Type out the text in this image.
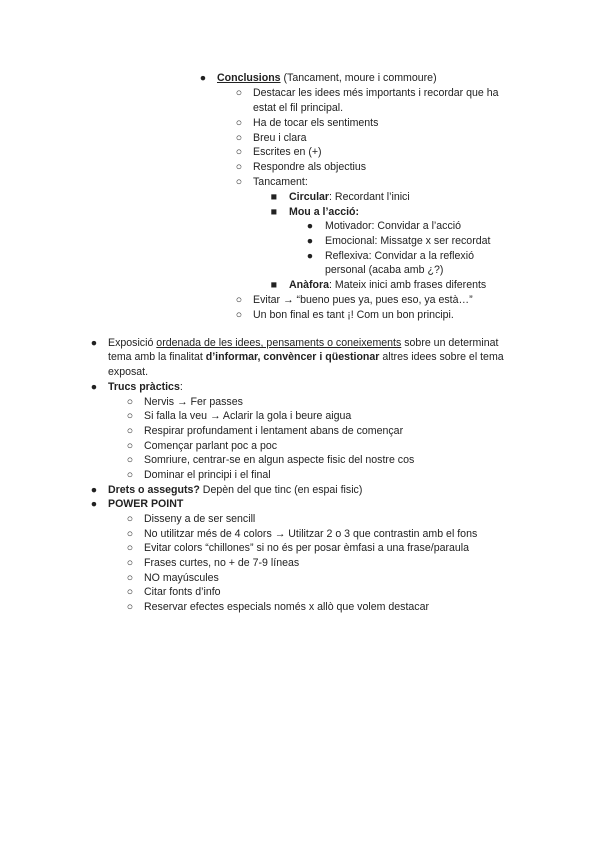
● Conclusions (Tancament, moure i commoure)
○ Destacar les idees més importants i recordar que ha
estat el fil principal.
○ Ha de tocar els sentiments
○ Breu i clara
○ Escrites en (+)
○ Respondre als objectius
○ Tancament:
■ Circular: Recordant l’inici
■ Mou a l’acció:
● Motivador: Convidar a l’acció
● Emocional: Missatge x ser recordat
● Reflexiva: Convidar a la reflexió
personal (acaba amb ¿?)
■ Anàfora: Mateix inici amb frases diferents
○ Evitar → “bueno pues ya, pues eso, ya està…”
○ Un bon final es tant ¡! Com un bon principi.
● Exposició ordenada de les idees, pensaments o coneixements sobre un determinat
tema amb la finalitat d’informar, convèncer i qüestionar altres idees sobre el tema
exposat.
● Trucs pràctics:
○ Nervis → Fer passes
○ Si falla la veu → Aclarir la gola i beure aigua
○ Respirar profundament i lentament abans de començar
○ Començar parlant poc a poc
○ Somriure, centrar-se en algun aspecte fisic del nostre cos
○ Dominar el principi i el final
● Drets o asseguts? Depèn del que tinc (en espai fisic)
● POWER POINT
○ Disseny a de ser sencill
○ No utilitzar més de 4 colors → Utilitzar 2 o 3 que contrastin amb el fons
○ Evitar colors “chillones” si no és per posar èmfasi a una frase/paraula
○ Frases curtes, no + de 7-9 líneas
○ NO mayúscules
○ Citar fonts d’info
○ Reservar efectes especials només x allò que volem destacar
